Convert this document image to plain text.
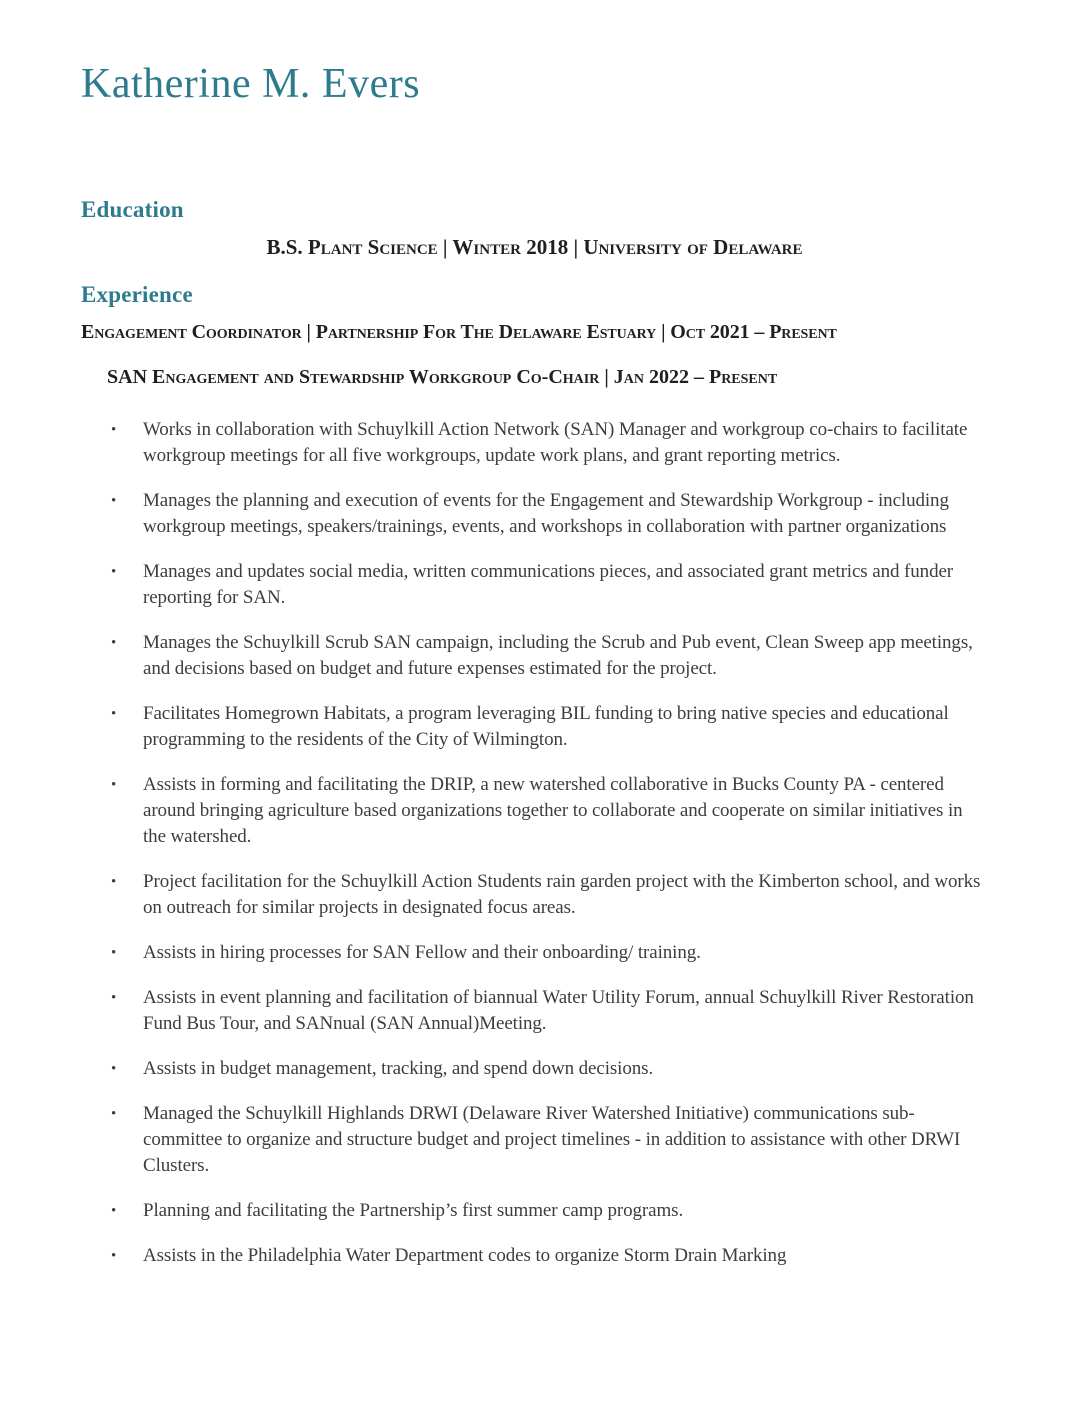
Katherine M. Evers
Education

B.S. Plant Science | Winter 2018 | University of Delaware

Experience

Engagement Coordinator | Partnership For The Delaware Estuary | Oct 2021 – Present

SAN Engagement and Stewardship Workgroup Co-Chair | Jan 2022 – Present

• Works in collaboration with Schuylkill Action Network (SAN) Manager and workgroup co-chairs to facilitate workgroup meetings for all five workgroups, update work plans, and grant reporting metrics.
• Manages the planning and execution of events for the Engagement and Stewardship Workgroup - including workgroup meetings, speakers/trainings, events, and workshops in collaboration with partner organizations
• Manages and updates social media, written communications pieces, and associated grant metrics and funder reporting for SAN.
• Manages the Schuylkill Scrub SAN campaign, including the Scrub and Pub event, Clean Sweep app meetings, and decisions based on budget and future expenses estimated for the project.
• Facilitates Homegrown Habitats, a program leveraging BIL funding to bring native species and educational programming to the residents of the City of Wilmington.
• Assists in forming and facilitating the DRIP, a new watershed collaborative in Bucks County PA - centered around bringing agriculture based organizations together to collaborate and cooperate on similar initiatives in the watershed.
• Project facilitation for the Schuylkill Action Students rain garden project with the Kimberton school, and works on outreach for similar projects in designated focus areas.
• Assists in hiring processes for SAN Fellow and their onboarding/ training.
• Assists in event planning and facilitation of biannual Water Utility Forum, annual Schuylkill River Restoration Fund Bus Tour, and SANnual (SAN Annual)Meeting.
• Assists in budget management, tracking, and spend down decisions.
• Managed the Schuylkill Highlands DRWI (Delaware River Watershed Initiative) communications sub-committee to organize and structure budget and project timelines - in addition to assistance with other DRWI Clusters.
• Planning and facilitating the Partnership’s first summer camp programs.
• Assists in the Philadelphia Water Department codes to organize Storm Drain Marking
